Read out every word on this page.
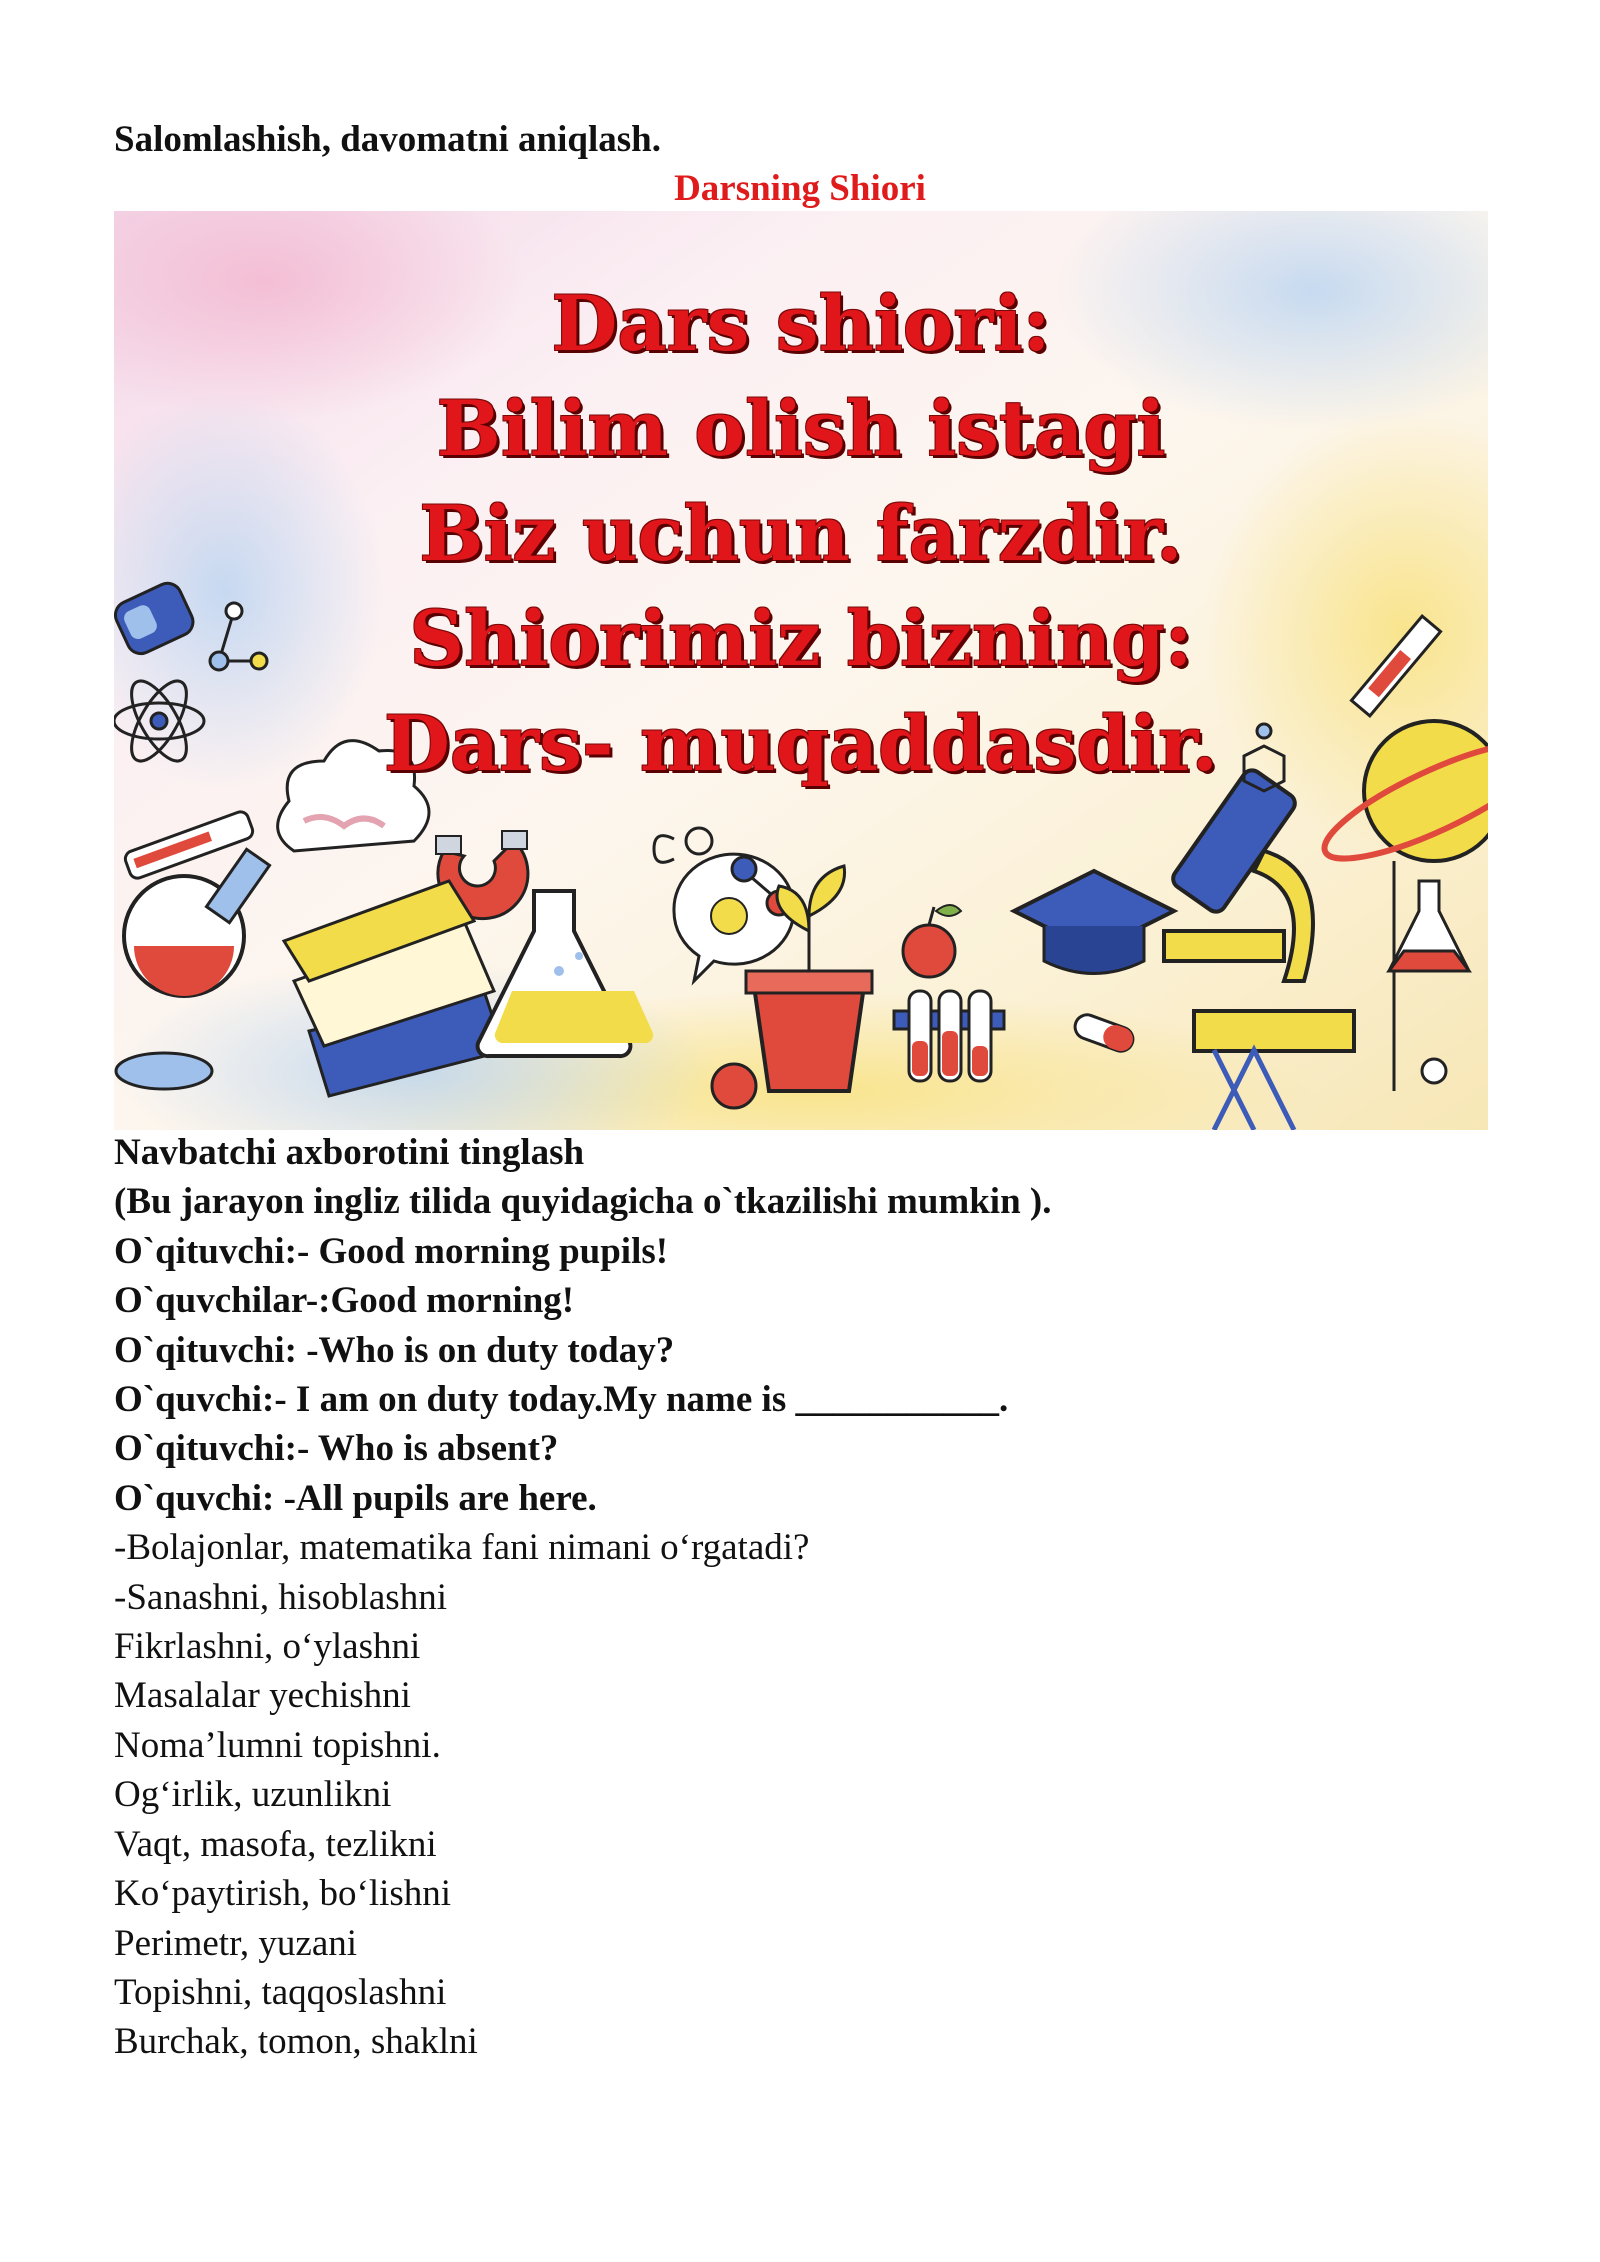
Salomlashish, davomatni aniqlash.
Darsning Shiori
Dars shiori:
Bilim olish istagi
Biz uchun farzdir.
Shiorimiz bizning:
Dars- muqaddasdir.
Navbatchi axborotini tinglash
(Bu jarayon ingliz tilida quyidagicha o`tkazilishi mumkin ).
O`qituvchi:- Good morning pupils!
O`quvchilar-:Good morning!
O`qituvchi: -Who is on duty today?
O`quvchi:- I am on duty today.My name is ___________.
O`qituvchi:- Who is absent?
O`quvchi: -All pupils are here.
-Bolajonlar, matematika fani nimani o‘rgatadi?
-Sanashni, hisoblashni
Fikrlashni, o‘ylashni
Masalalar yechishni
Noma’lumni topishni.
Og‘irlik, uzunlikni
Vaqt, masofa, tezlikni
Ko‘paytirish, bo‘lishni
Perimetr, yuzani
Topishni, taqqoslashni
Burchak, tomon, shaklni
